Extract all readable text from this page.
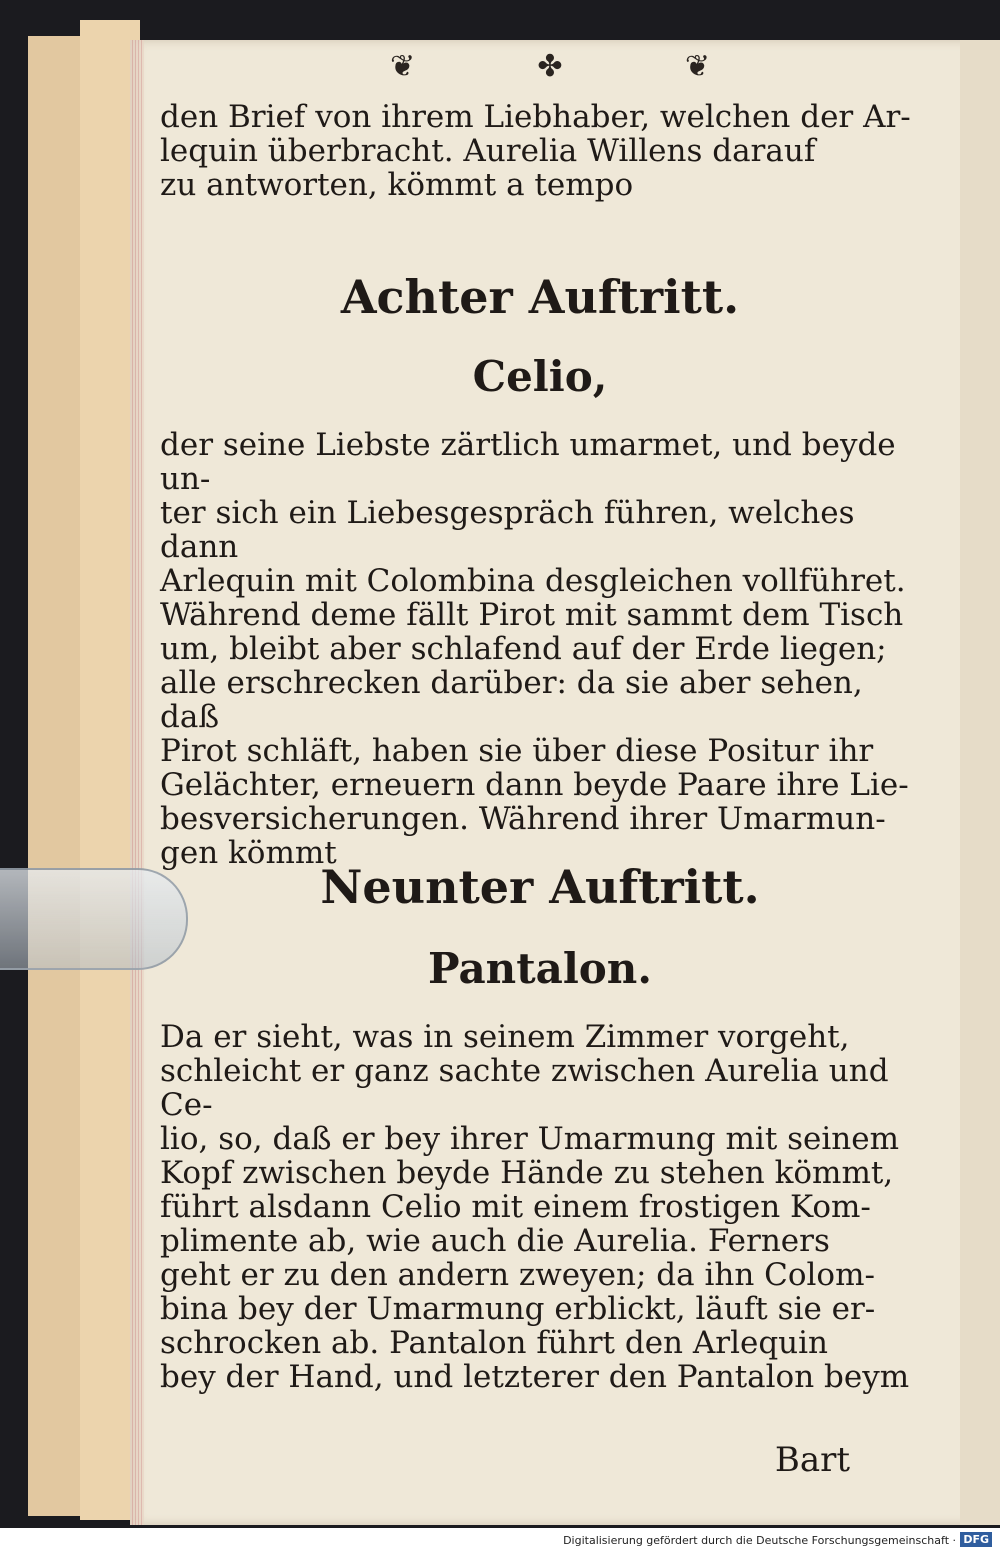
❦	✤	❦

den Brief von ihrem Liebhaber, welchen der Ar-

lequin überbracht. Aurelia Willens darauf

zu antworten, kömmt a tempo

Achter Auftritt.
Celio,

der seine Liebste zärtlich umarmet, und beyde un-

ter sich ein Liebesgespräch führen, welches dann

Arlequin mit Colombina desgleichen vollführet.

Während deme fällt Pirot mit sammt dem Tisch

um, bleibt aber schlafend auf der Erde liegen;

alle erschrecken darüber: da sie aber sehen, daß

Pirot schläft, haben sie über diese Positur ihr

Gelächter, erneuern dann beyde Paare ihre Lie-

besversicherungen. Während ihrer Umarmun-

gen kömmt

Neunter Auftritt.
Pantalon.

Da er sieht, was in seinem Zimmer vorgeht,

schleicht er ganz sachte zwischen Aurelia und Ce-

lio, so, daß er bey ihrer Umarmung mit seinem

Kopf zwischen beyde Hände zu stehen kömmt,

führt alsdann Celio mit einem frostigen Kom-

plimente ab, wie auch die Aurelia. Ferners

geht er zu den andern zweyen; da ihn Colom-

bina bey der Umarmung erblickt, läuft sie er-

schrocken ab. Pantalon führt den Arlequin

bey der Hand, und letzterer den Pantalon beym

Bart
Digitalisierung gefördert durch die Deutsche Forschungsgemeinschaft · DFG
